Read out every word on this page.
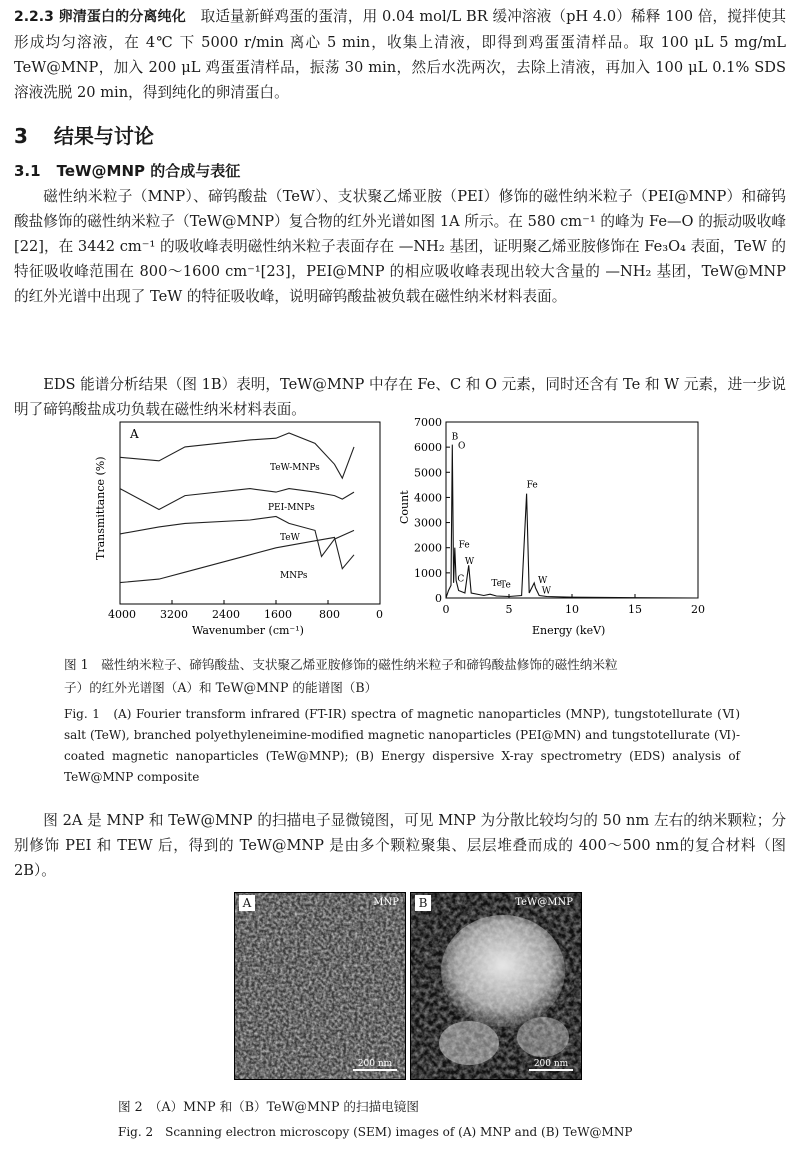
2.2.3 卵清蛋白的分离纯化 取适量新鲜鸡蛋的蛋清，用 0.04 mol/L BR 缓冲溶液（pH 4.0）稀释 100 倍，搅拌使其形成均匀溶液，在 4℃ 下 5000 r/min 离心 5 min，收集上清液，即得到鸡蛋蛋清样品。取 100 μL 5 mg/mL TeW@MNP，加入 200 μL 鸡蛋蛋清样品，振荡 30 min，然后水洗两次，去除上清液，再加入 100 μL 0.1% SDS 溶液洗脱 20 min，得到纯化的卵清蛋白。

3 结果与讨论
3.1 TeW@MNP 的合成与表征

磁性纳米粒子（MNP）、碲钨酸盐（TeW）、支状聚乙烯亚胺（PEI）修饰的磁性纳米粒子（PEI@MNP）和碲钨酸盐修饰的磁性纳米粒子（TeW@MNP）复合物的红外光谱如图 1A 所示。在 580 cm⁻¹ 的峰为 Fe—O 的振动吸收峰[22]，在 3442 cm⁻¹ 的吸收峰表明磁性纳米粒子表面存在 —NH₂ 基团，证明聚乙烯亚胺修饰在 Fe₃O₄ 表面，TeW 的特征吸收峰范围在 800～1600 cm⁻¹[23]，PEI@MNP 的相应吸收峰表现出较大含量的 —NH₂ 基团，TeW@MNP 的红外光谱中出现了 TeW 的特征吸收峰，说明碲钨酸盐被负载在磁性纳米材料表面。

EDS 能谱分析结果（图 1B）表明，TeW@MNP 中存在 Fe、C 和 O 元素，同时还含有 Te 和 W 元素，进一步说明了碲钨酸盐成功负载在磁性纳米材料表面。

A
Transmittance (%)
Wavenumber (cm⁻¹)
4000 3200 2400 1600 800	0
TeW-MNPs
PEI-MNPs
TeW
MNPs
Count
Energy (keV)
0
1000
2000
3000
4000
5000
6000
7000
0	5	10	15	20
B
O
Fe
Fe
W
C	Te
Te	W
W

图 1　磁性纳米粒子、碲钨酸盐、支状聚乙烯亚胺修饰的磁性纳米粒子和碲钨酸盐修饰的磁性纳米粒

子）的红外光谱图（A）和 TeW@MNP 的能谱图（B）

Fig. 1　(A) Fourier transform infrared (FT-IR) spectra of magnetic nanoparticles (MNP), tungstotellurate (Ⅵ) salt (TeW), branched polyethyleneimine-modified magnetic nanoparticles (PEI@MN) and tungstotellurate (Ⅵ)-coated magnetic nanoparticles (TeW@MNP); (B) Energy dispersive X-ray spectrometry (EDS) analysis of TeW@MNP composite

图 2A 是 MNP 和 TeW@MNP 的扫描电子显微镜图，可见 MNP 为分散比较均匀的 50 nm 左右的纳米颗粒；分别修饰 PEI 和 TEW 后，得到的 TeW@MNP 是由多个颗粒聚集、层层堆叠而成的 400～500 nm的复合材料（图 2B）。

A	MNP
200 nm
B	TeW@MNP
200 nm

图 2　（A）MNP 和（B）TeW@MNP 的扫描电镜图

Fig. 2　Scanning electron microscopy (SEM) images of (A) MNP and (B) TeW@MNP
